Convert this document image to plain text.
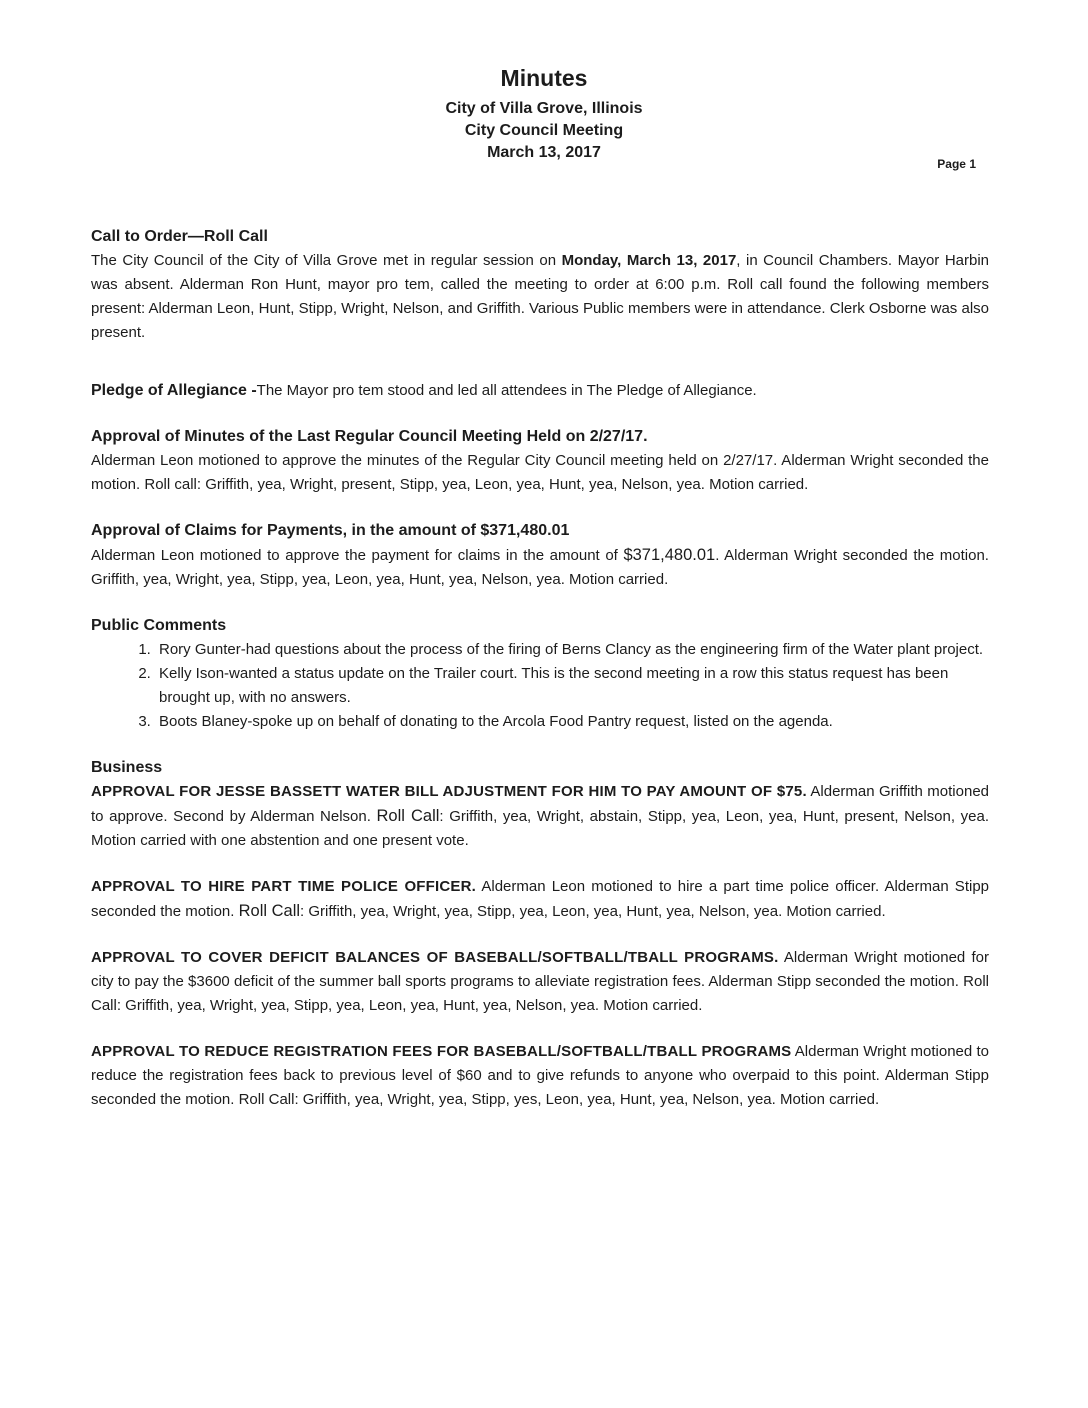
Minutes
City of Villa Grove, Illinois
City Council Meeting
March 13, 2017
Page 1
Call to Order—Roll Call

The City Council of the City of Villa Grove met in regular session on Monday, March 13, 2017, in Council Chambers. Mayor Harbin was absent. Alderman Ron Hunt, mayor pro tem, called the meeting to order at 6:00 p.m. Roll call found the following members present: Alderman Leon, Hunt, Stipp, Wright, Nelson, and Griffith. Various Public members were in attendance. Clerk Osborne was also present.

Pledge of Allegiance -The Mayor pro tem stood and led all attendees in The Pledge of Allegiance.

Approval of Minutes of the Last Regular Council Meeting Held on 2/27/17.

Alderman Leon motioned to approve the minutes of the Regular City Council meeting held on 2/27/17. Alderman Wright seconded the motion. Roll call: Griffith, yea, Wright, present, Stipp, yea, Leon, yea, Hunt, yea, Nelson, yea. Motion carried.

Approval of Claims for Payments, in the amount of $371,480.01

Alderman Leon motioned to approve the payment for claims in the amount of $371,480.01. Alderman Wright seconded the motion. Griffith, yea, Wright, yea, Stipp, yea, Leon, yea, Hunt, yea, Nelson, yea. Motion carried.

Public Comments
1. Rory Gunter-had questions about the process of the firing of Berns Clancy as the engineering firm of the Water plant project.
2. Kelly Ison-wanted a status update on the Trailer court. This is the second meeting in a row this status request has been brought up, with no answers.
3. Boots Blaney-spoke up on behalf of donating to the Arcola Food Pantry request, listed on the agenda.
Business

APPROVAL FOR JESSE BASSETT WATER BILL ADJUSTMENT FOR HIM TO PAY AMOUNT OF $75. Alderman Griffith motioned to approve. Second by Alderman Nelson. Roll Call: Griffith, yea, Wright, abstain, Stipp, yea, Leon, yea, Hunt, present, Nelson, yea. Motion carried with one abstention and one present vote.

APPROVAL TO HIRE PART TIME POLICE OFFICER. Alderman Leon motioned to hire a part time police officer. Alderman Stipp seconded the motion. Roll Call: Griffith, yea, Wright, yea, Stipp, yea, Leon, yea, Hunt, yea, Nelson, yea. Motion carried.

APPROVAL TO COVER DEFICIT BALANCES OF BASEBALL/SOFTBALL/TBALL PROGRAMS. Alderman Wright motioned for city to pay the $3600 deficit of the summer ball sports programs to alleviate registration fees. Alderman Stipp seconded the motion. Roll Call: Griffith, yea, Wright, yea, Stipp, yea, Leon, yea, Hunt, yea, Nelson, yea. Motion carried.

APPROVAL TO REDUCE REGISTRATION FEES FOR BASEBALL/SOFTBALL/TBALL PROGRAMS Alderman Wright motioned to reduce the registration fees back to previous level of $60 and to give refunds to anyone who overpaid to this point. Alderman Stipp seconded the motion. Roll Call: Griffith, yea, Wright, yea, Stipp, yes, Leon, yea, Hunt, yea, Nelson, yea. Motion carried.
